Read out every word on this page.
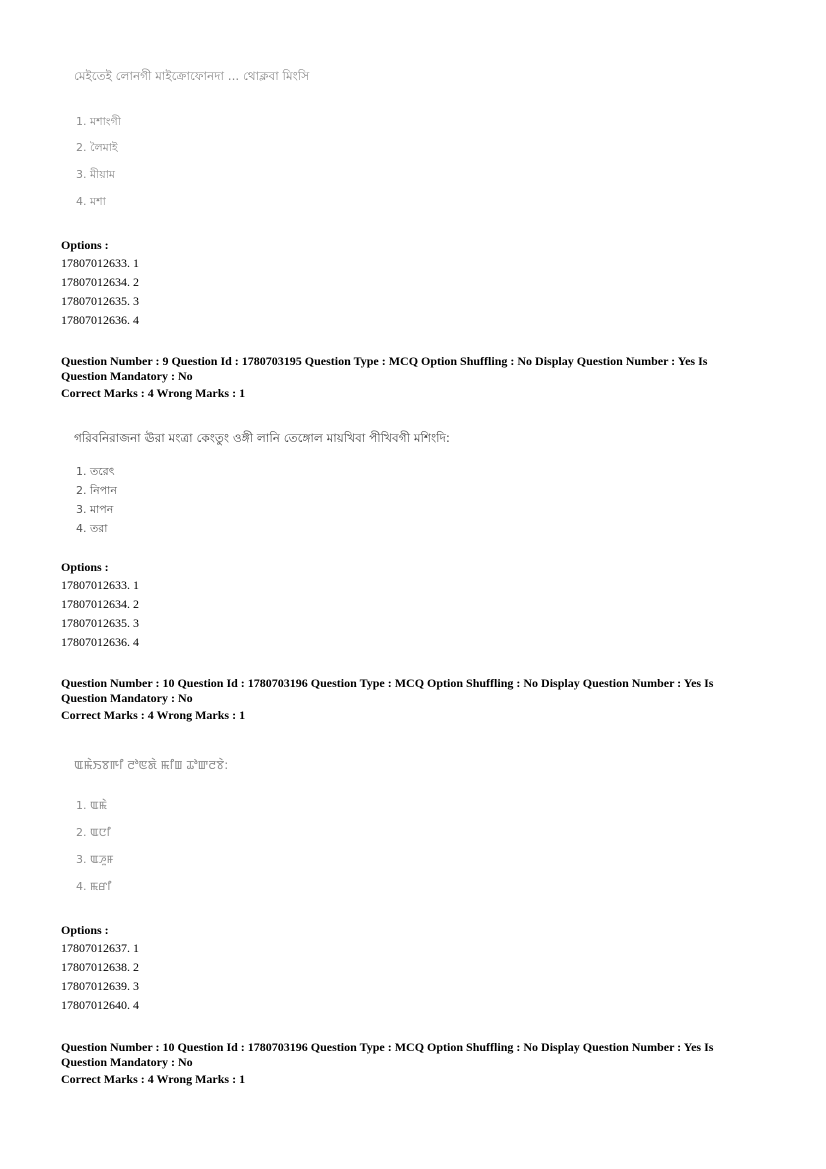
মেইতেই লোনগী মাইক্রোফোনদা ... থোক্লবা মিংসি
1. মশাংগী
2. লৈমাই
3. মীয়াম
4. মশা
Options :
17807012633. 1
17807012634. 2
17807012635. 3
17807012636. 4
Question Number : 9 Question Id : 1780703195 Question Type : MCQ Option Shuffling : No Display Question Number : Yes Is
Question Mandatory : No
Correct Marks : 4 Wrong Marks : 1
গরিবনিরাজনা ঊরা মংত্রা কেংতুং ওঙ্গী লানি তেঙ্গোল মায়খিবা পীখিবগী মশিংদি:
1. তরেৎ
2. নিপান
3. মাপন
4. তরা
Options :
17807012633. 1
17807012634. 2
17807012635. 3
17807012636. 4
Question Number : 10 Question Id : 1780703196 Question Type : MCQ Option Shuffling : No Display Question Number : Yes Is
Question Mandatory : No
Correct Marks : 4 Wrong Marks : 1
ꯑꯃꯥꯏꯕꯒꯤ ꯂꯣꯟꯗꯥ ꯃꯤꯡ ꯊꯣꯛꯂꯕꯥ:
1. ꯑꯃꯥ
2. ꯑꯅꯤ
3. ꯑꯍꯨꯝ
4. ꯃꯔꯤ
Options :
17807012637. 1
17807012638. 2
17807012639. 3
17807012640. 4
Question Number : 10 Question Id : 1780703196 Question Type : MCQ Option Shuffling : No Display Question Number : Yes Is
Question Mandatory : No
Correct Marks : 4 Wrong Marks : 1
